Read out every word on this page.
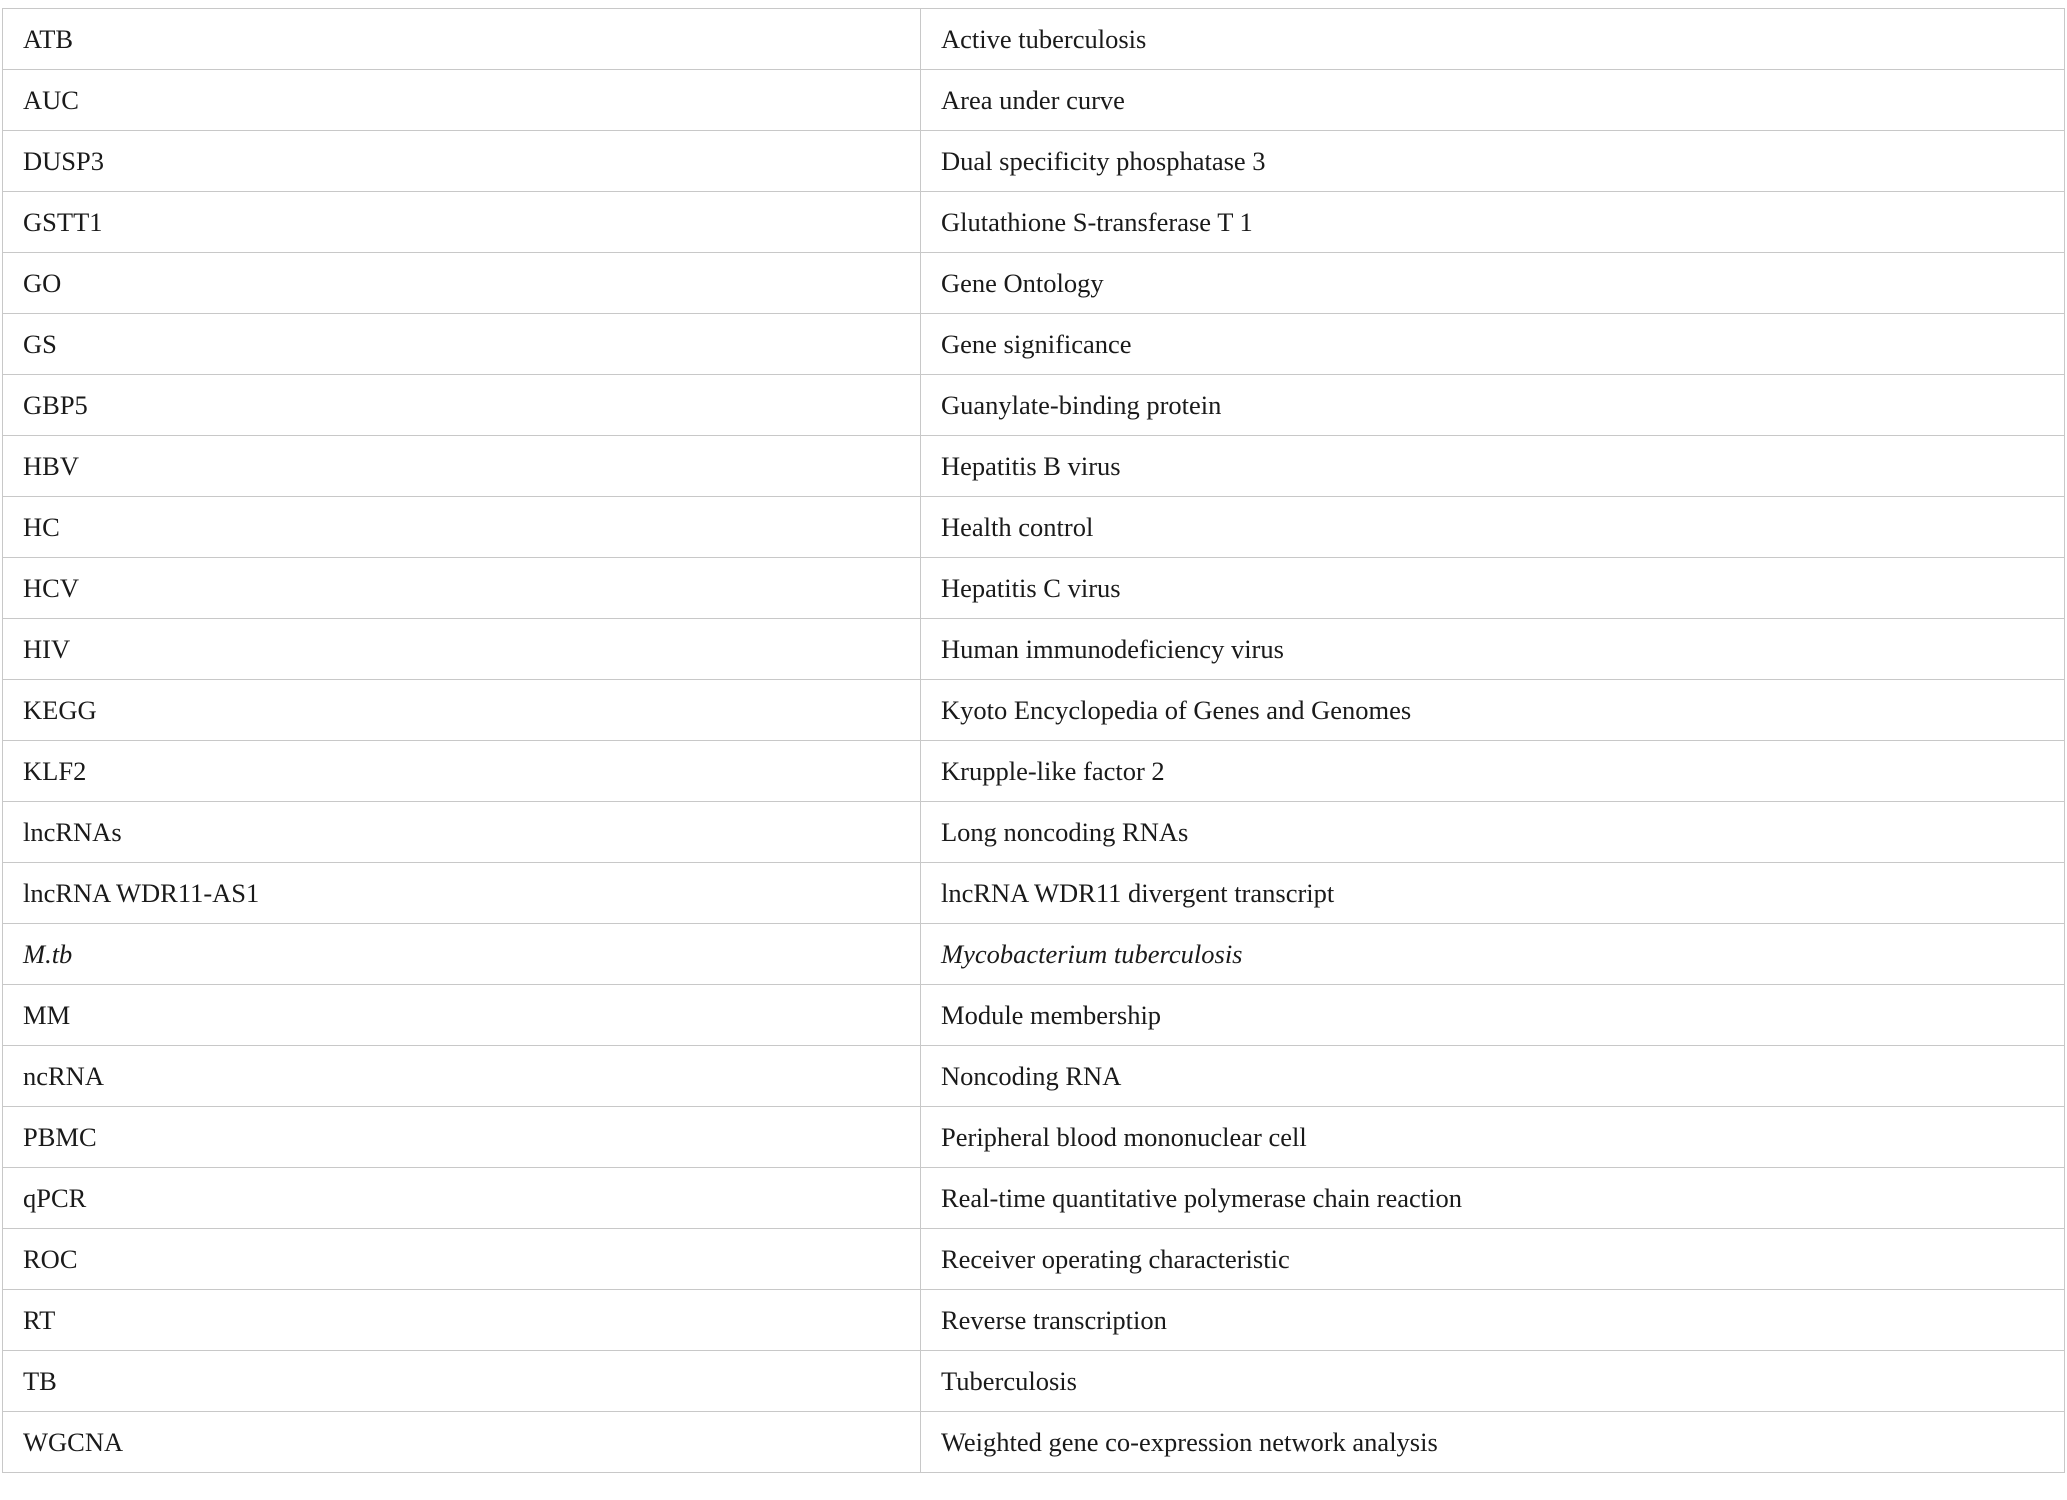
ATB	Active tuberculosis
AUC	Area under curve
DUSP3	Dual specificity phosphatase 3
GSTT1	Glutathione S-transferase T 1
GO	Gene Ontology
GS	Gene significance
GBP5	Guanylate-binding protein
HBV	Hepatitis B virus
HC	Health control
HCV	Hepatitis C virus
HIV	Human immunodeficiency virus
KEGG	Kyoto Encyclopedia of Genes and Genomes
KLF2	Krupple-like factor 2
lncRNAs	Long noncoding RNAs
lncRNA WDR11-AS1	lncRNA WDR11 divergent transcript
M.tb	Mycobacterium tuberculosis
MM	Module membership
ncRNA	Noncoding RNA
PBMC	Peripheral blood mononuclear cell
qPCR	Real-time quantitative polymerase chain reaction
ROC	Receiver operating characteristic
RT	Reverse transcription
TB	Tuberculosis
WGCNA	Weighted gene co-expression network analysis
